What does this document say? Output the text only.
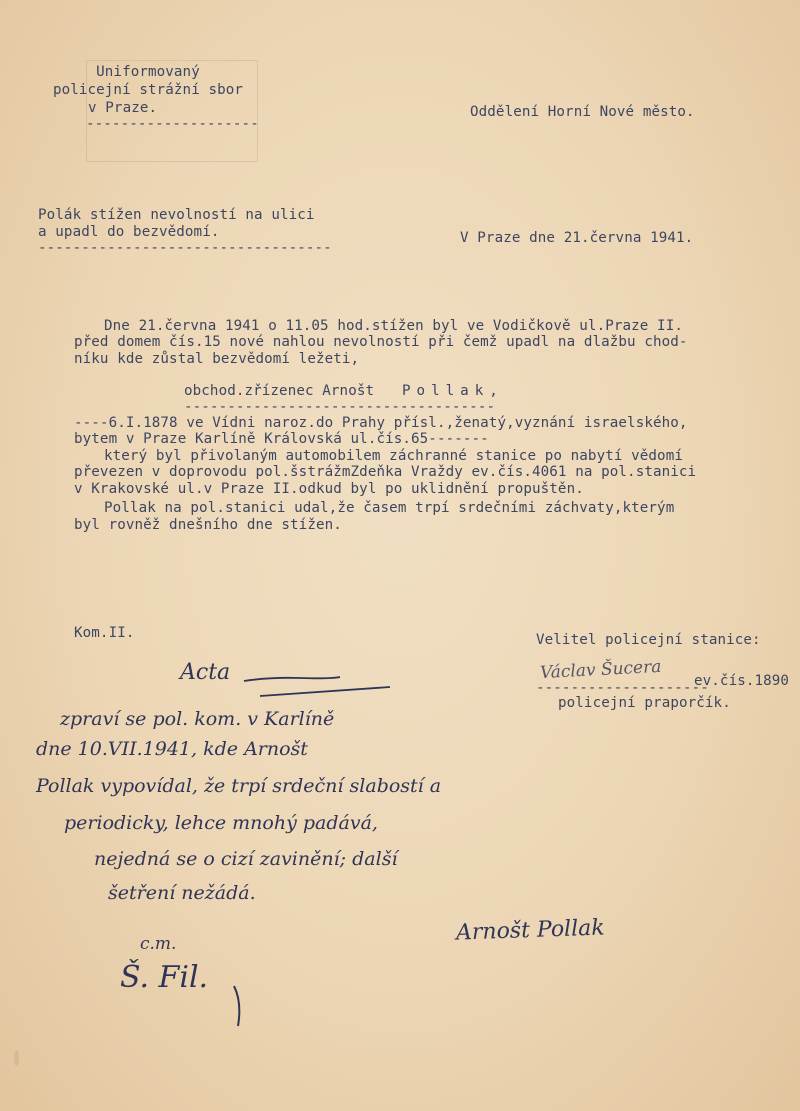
Uniformovaný
policejní strážní sbor
v Praze.
--------------------
Oddělení Horní Nové město.
Polák stížen nevolností na ulici
a upadl do bezvědomí.
----------------------------------
V Praze dne 21.června 1941.
Dne 21.června 1941 o 11.05 hod.stížen byl ve Vodičkově ul.Praze II.
před domem čís.15 nové nahlou nevolností při čemž upadl na dlažbu chod-
níku kde zůstal bezvědomí ležeti,
obchod.zřízenec Arnošt Pollak,
------------------------------------
----6.I.1878 ve Vídni naroz.do Prahy přísl.,ženatý,vyznání israelského,
bytem v Praze Karlíně Královská ul.čís.65-------
který byl přivolaným automobilem záchranné stanice po nabytí vědomí
převezen v doprovodu pol.šstrážmZdeňka Vraždy ev.čís.4061 na pol.stanici
v Krakovské ul.v Praze II.odkud byl po uklidnění propuštěn.
Pollak na pol.stanici udal,že časem trpí srdečními záchvaty,kterým
byl rovněž dnešního dne stížen.
Kom.II.	Velitel policejní stanice:
--------------------
ev.čís.1890
policejní praporčík.
Václav Šucera
Acta
zpraví se pol. kom. v Karlíně
dne 10.VII.1941, kde Arnošt
Pollak vypovídal, že trpí srdeční slabostí a
periodicky, lehce mnohý padává,
nejedná se o cizí zavinění; další
šetření nežádá.
Arnošt Pollak
c.m.
Š. Fil.
